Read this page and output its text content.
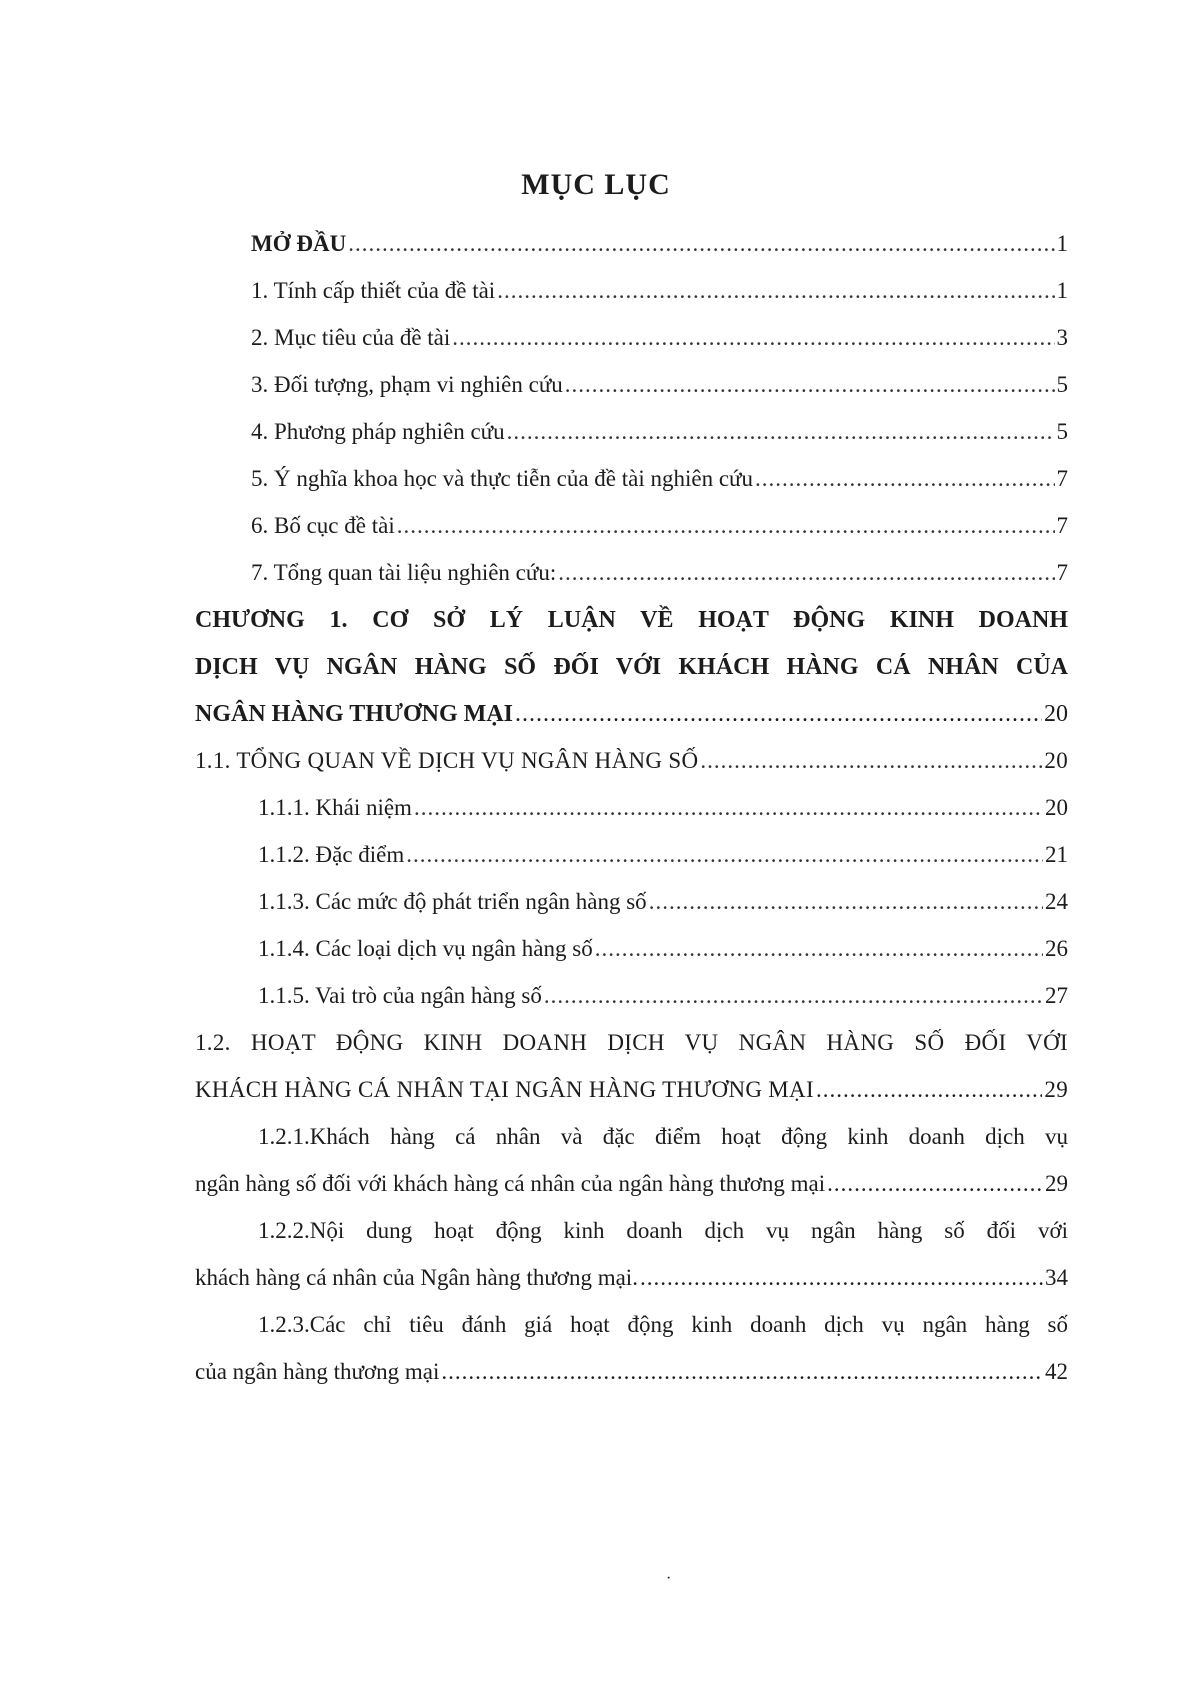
MỤC LỤC
MỞ ĐẦU .....	1
1. Tính cấp thiết của đề tài .....	1
2. Mục tiêu của đề tài .....	3
3. Đối tượng, phạm vi nghiên cứu .....	5
4. Phương pháp nghiên cứu .....	5
5. Ý nghĩa khoa học và thực tiễn của đề tài nghiên cứu .....	7
6. Bố cục đề tài .....	7
7. Tổng quan tài liệu nghiên cứu: .....	7
CHƯƠNG 1. CƠ SỞ LÝ LUẬN VỀ HOẠT ĐỘNG KINH DOANH
DỊCH VỤ NGÂN HÀNG SỐ ĐỐI VỚI KHÁCH HÀNG CÁ NHÂN CỦA
NGÂN HÀNG THƯƠNG MẠI .....	20
1.1. TỔNG QUAN VỀ DỊCH VỤ NGÂN HÀNG SỐ .....	20
1.1.1. Khái niệm .....	20
1.1.2. Đặc điểm .....	21
1.1.3. Các mức độ phát triển ngân hàng số .....	24
1.1.4. Các loại dịch vụ ngân hàng số .....	26
1.1.5. Vai trò của ngân hàng số .....	27
1.2. HOẠT ĐỘNG KINH DOANH DỊCH VỤ NGÂN HÀNG SỐ ĐỐI VỚI
KHÁCH HÀNG CÁ NHÂN TẠI NGÂN HÀNG THƯƠNG MẠI .....	29
1.2.1.Khách hàng cá nhân và đặc điểm hoạt động kinh doanh dịch vụ
ngân hàng số đối với khách hàng cá nhân của ngân hàng thương mại .....	29
1.2.2.Nội dung hoạt động kinh doanh dịch vụ ngân hàng số đối với
khách hàng cá nhân của Ngân hàng thương mại. .....	34
1.2.3.Các chỉ tiêu đánh giá hoạt động kinh doanh dịch vụ ngân hàng số
của ngân hàng thương mại .....	42
·
